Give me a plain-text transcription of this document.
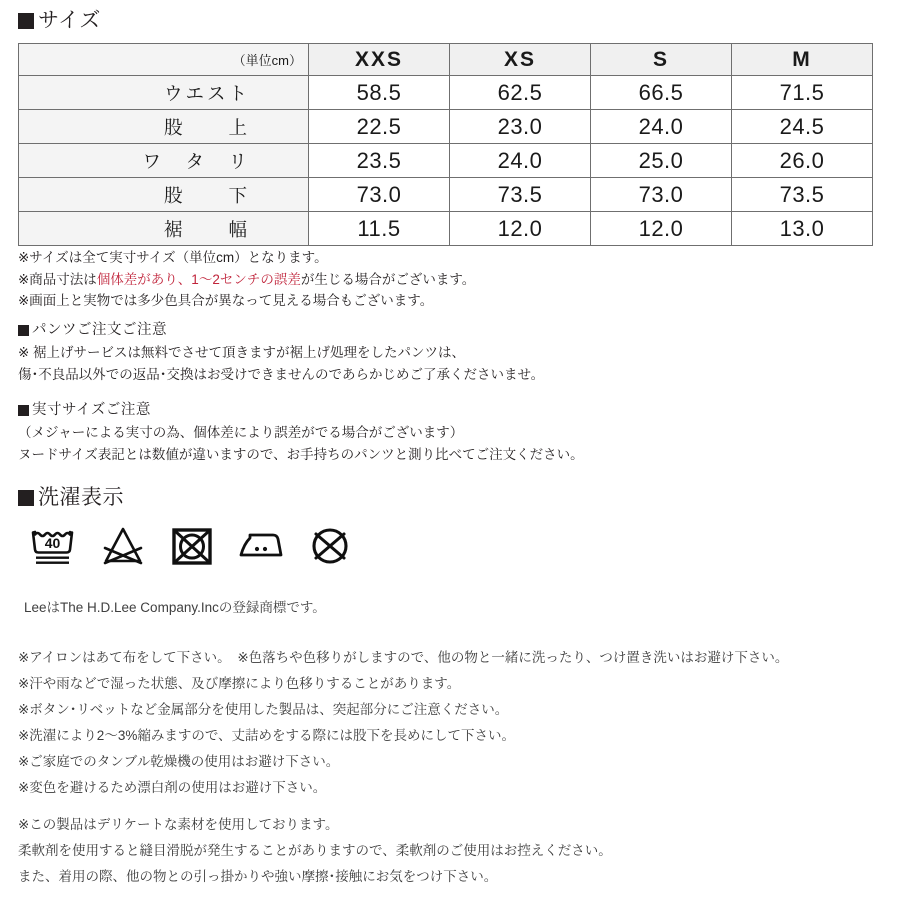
サイズ
（単位cm）	XXS	XS	S	M
ウエスト	58.5	62.5	66.5	71.5
股　　上	22.5	23.0	24.0	24.5
ワ　タ　リ	23.5	24.0	25.0	26.0
股　　下	73.0	73.5	73.0	73.5
裾　　幅	11.5	12.0	12.0	13.0
※サイズは全て実寸サイズ（単位cm）となります。
※商品寸法は個体差があり、1～2センチの誤差が生じる場合がございます。
※画面上と実物では多少色具合が異なって見える場合もございます。
パンツご注文ご注意
※ 裾上げサービスは無料でさせて頂きますが裾上げ処理をしたパンツは、
傷･不良品以外での返品･交換はお受けできませんのであらかじめご了承くださいませ。
実寸サイズご注意
（メジャーによる実寸の為、個体差により誤差がでる場合がございます）
ヌードサイズ表記とは数値が違いますので、お手持ちのパンツと測り比べてご注文ください。
洗濯表示
40
LeeはThe H.D.Lee Company.Incの登録商標です。
※アイロンはあて布をして下さい。　※色落ちや色移りがしますので、他の物と一緒に洗ったり、つけ置き洗いはお避け下さい。
※汗や雨などで湿った状態、及び摩擦により色移りすることがあります。
※ボタン･リベットなど金属部分を使用した製品は、突起部分にご注意ください。
※洗濯により2～3%縮みますので、丈詰めをする際には股下を長めにして下さい。
※ご家庭でのタンブル乾燥機の使用はお避け下さい。
※変色を避けるため漂白剤の使用はお避け下さい。
※この製品はデリケートな素材を使用しております。
柔軟剤を使用すると縫目滑脱が発生することがありますので、柔軟剤のご使用はお控えください。
また、着用の際、他の物との引っ掛かりや強い摩擦･接触にお気をつけ下さい。
